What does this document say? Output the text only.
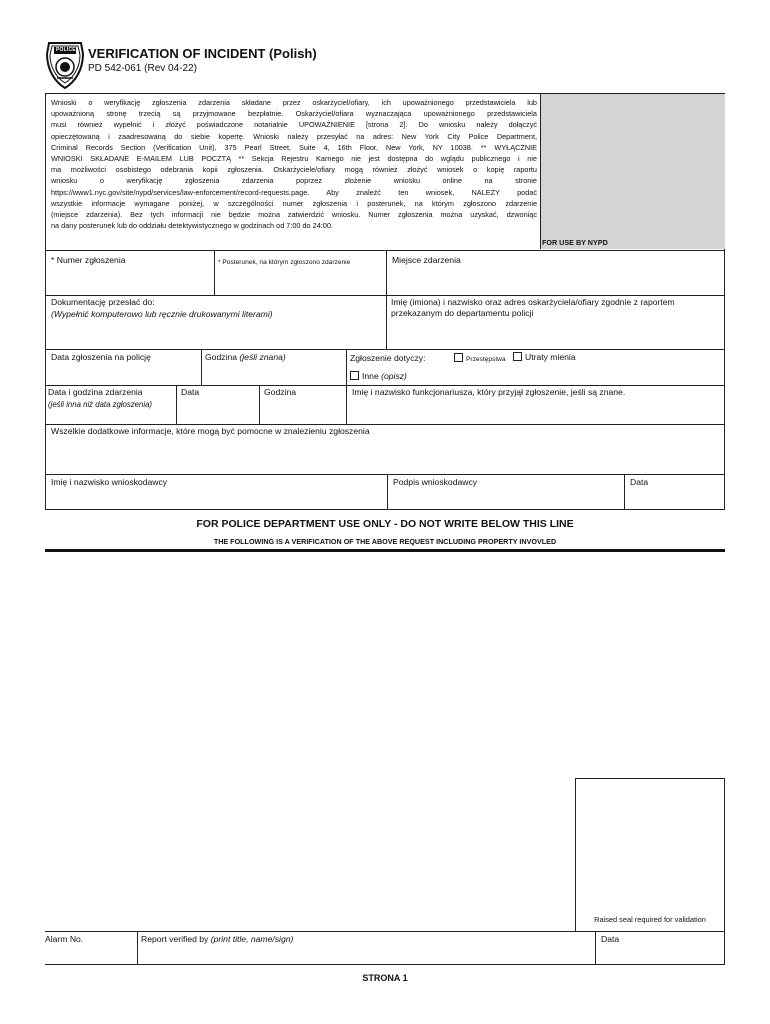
POLICE VERIFICATION OF INCIDENT (Polish)
PD 542-061 (Rev 04-22)
FOR USE BY NYPD
Wnioski o weryfikację zgłoszenia zdarzenia składane przez oskarżyciel/ofiary, ich upoważnionego przedstawiciela lub
upoważnioną stronę trzecią są przyjmowane bezpłatnie. Oskarżyciel/ofiara wyznaczająca upoważnionego przedstawiciela
musi również wypełnić i złożyć poświadczone notarialnie UPOWAŻNIENIE [strona 2]. Do wniosku należy dołączyć
opieczętowaną i zaadresowaną do siebie kopertę. Wnioski należy przesyłać na adres: New York City Police Department,
Criminal Records Section (Verification Unit), 375 Pearl Street, Suite 4, 16th Floor, New York, NY 10038. ** WYŁĄCZNIE
WNIOSKI SKŁADANE E-MAILEM LUB POCZTĄ ** Sekcja Rejestru Karnego nie jest dostępna do wglądu publicznego i nie
ma możliwości osobistego odebrania kopii zgłoszenia. Oskarżyciele/ofiary mogą również złożyć wniosek o kopię raportu
wniosku o weryfikację zgłoszenia zdarzenia poprzez złożenie wniosku online na stronie
https://www1.nyc.gov/site/nypd/services/law-enforcement/record-requests.page. Aby znaleźć ten wniosek, NALEŻY podać
wszystkie informacje wymagane poniżej, w szczególności numer zgłoszenia i posterunek, na którym zgłoszono zdarzenie
(miejsce zdarzenia). Bez tych informacji nie będzie można zatwierdzić wniosku. Numer zgłoszenia można uzyskać, dzwoniąc
na dany posterunek lub do oddziału detektywistycznego w godzinach od 7:00 do 24:00.
* Numer zgłoszenia	* Posterunek, na którym zgłoszono zdarzenie	Miejsce zdarzenia
Dokumentację przesłać do:
(Wypełnić komputerowo lub ręcznie drukowanymi literami)
Imię (imiona) i nazwisko oraz adres oskarżyciela/ofiary zgodnie z raportem przekazanym do departamentu policji
Data zgłoszenia na policję	Godzina (jeśli znana)	Zgłoszenie dotyczy:	Przestępstwa	Utraty mienia
Inne (opisz)
Data i godzina zdarzenia
(jeśli inna niż data zgłoszenia)
Data	Godzina	Imię i nazwisko funkcjonariusza, który przyjął zgłoszenie, jeśli są znane.
Wszelkie dodatkowe informacje, które mogą być pomocne w znalezieniu zgłoszenia
Imię i nazwisko wnioskodawcy	Podpis wnioskodawcy	Data
FOR POLICE DEPARTMENT USE ONLY - DO NOT WRITE BELOW THIS LINE
THE FOLLOWING IS A VERIFICATION OF THE ABOVE REQUEST INCLUDING PROPERTY INVOVLED
Raised seal required for validation
Alarm No.	Report verified by (print title, name/sign)	Data
STRONA 1
